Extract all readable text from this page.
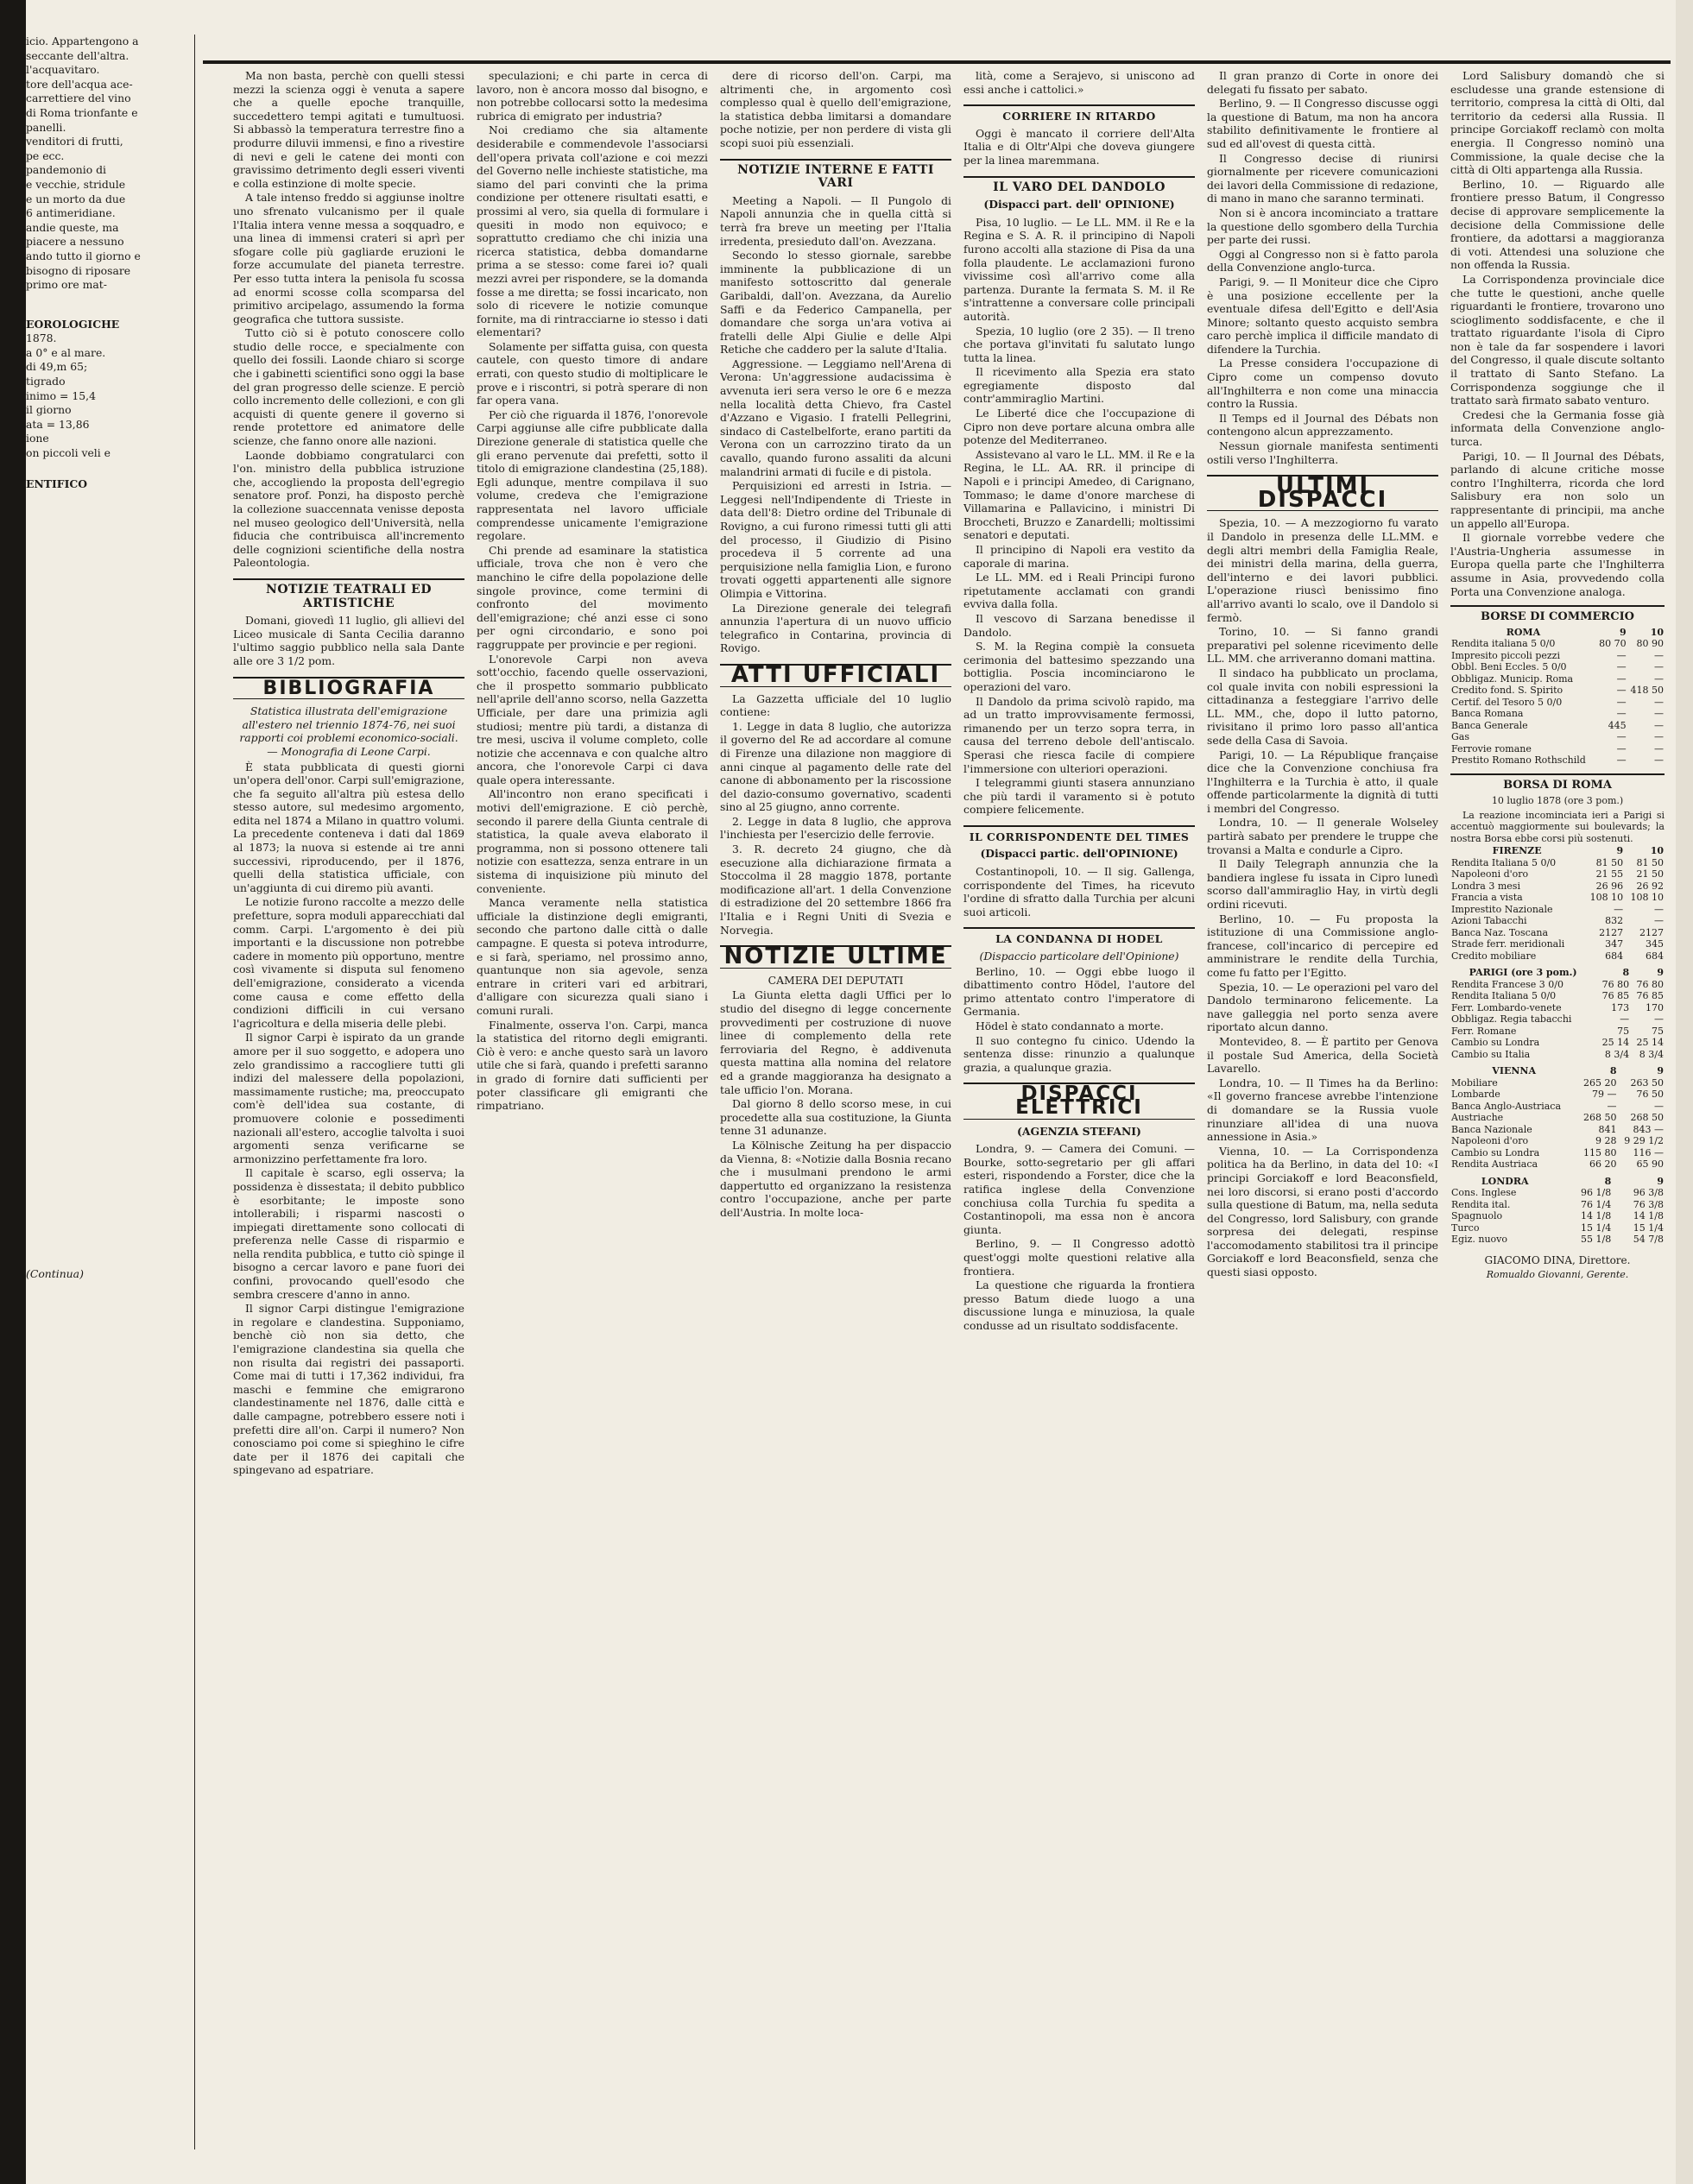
icio. Appartengono a
seccante dell'altra.
l'acquavitaro.
tore dell'acqua ace-
carrettiere del vino
di Roma trionfante e
panelli.
venditori di frutti,
pe ecc.
pandemonio di
e vecchie, stridule
e un morto da due
6 antimeridiane.
andie queste, ma
piacere a nessuno
ando tutto il giorno e
bisogno di riposare
primo ore mat-
EOROLOGICHE
1878.
a 0° e al mare.
di 49,m 65;
tigrado
inimo = 15,4
il giorno
ata = 13,86
ione
on piccoli veli e
ENTIFICO
(Continua)
Ma non basta, perchè con quelli stessi mezzi la scienza oggi è venuta a sapere che a quelle epoche tranquille, succedettero tempi agitati e tumultuosi. Si abbassò la temperatura terrestre fino a produrre diluvii immensi, e fino a rivestire di nevi e geli le catene dei monti con gravissimo detrimento degli esseri viventi e colla estinzione di molte specie.
A tale intenso freddo si aggiunse inoltre uno sfrenato vulcanismo per il quale l'Italia intera venne messa a soqquadro, e una linea di immensi crateri si aprì per sfogare colle più gagliarde eruzioni le forze accumulate del pianeta terrestre. Per esso tutta intera la penisola fu scossa ad enormi scosse colla scomparsa del primitivo arcipelago, assumendo la forma geografica che tuttora sussiste.
Tutto ciò si è potuto conoscere collo studio delle rocce, e specialmente con quello dei fossili. Laonde chiaro si scorge che i gabinetti scientifici sono oggi la base del gran progresso delle scienze. E perciò collo incremento delle collezioni, e con gli acquisti di quente genere il governo si rende protettore ed animatore delle scienze, che fanno onore alle nazioni.
Laonde dobbiamo congratularci con l'on. ministro della pubblica istruzione che, accogliendo la proposta dell'egregio senatore prof. Ponzi, ha disposto perchè la collezione suaccennata venisse deposta nel museo geologico dell'Università, nella fiducia che contribuisca all'incremento delle cognizioni scientifiche della nostra Paleontologia.
NOTIZIE TEATRALI ED ARTISTICHE
Domani, giovedì 11 luglio, gli allievi del Liceo musicale di Santa Cecilia daranno l'ultimo saggio pubblico nella sala Dante alle ore 3 1/2 pom.
BIBLIOGRAFIA
Statistica illustrata dell'emigrazione all'estero nel triennio 1874-76, nei suoi rapporti coi problemi economico-sociali. — Monografia di Leone Carpi.
È stata pubblicata di questi giorni un'opera dell'onor. Carpi sull'emigrazione, che fa seguito all'altra più estesa dello stesso autore, sul medesimo argomento, edita nel 1874 a Milano in quattro volumi. La precedente conteneva i dati dal 1869 al 1873; la nuova si estende ai tre anni successivi, riproducendo, per il 1876, quelli della statistica ufficiale, con un'aggiunta di cui diremo più avanti.
Le notizie furono raccolte a mezzo delle prefetture, sopra moduli apparecchiati dal comm. Carpi. L'argomento è dei più importanti e la discussione non potrebbe cadere in momento più opportuno, mentre così vivamente si disputa sul fenomeno dell'emigrazione, considerato a vicenda come causa e come effetto della condizioni difficili in cui versano l'agricoltura e della miseria delle plebi.
Il signor Carpi è ispirato da un grande amore per il suo soggetto, e adopera uno zelo grandissimo a raccogliere tutti gli indizi del malessere della popolazioni, massimamente rustiche; ma, preoccupato com'è dell'idea sua costante, di promuovere colonie e possedimenti nazionali all'estero, accoglie talvolta i suoi argomenti senza verificarne se armonizzino perfettamente fra loro.
Il capitale è scarso, egli osserva; la possidenza è dissestata; il debito pubblico è esorbitante; le imposte sono intollerabili; i risparmi nascosti o impiegati direttamente sono collocati di preferenza nelle Casse di risparmio e nella rendita pubblica, e tutto ciò spinge il bisogno a cercar lavoro e pane fuori dei confini, provocando quell'esodo che sembra crescere d'anno in anno.
Il signor Carpi distingue l'emigrazione in regolare e clandestina. Supponiamo, benchè ciò non sia detto, che l'emigrazione clandestina sia quella che non risulta dai registri dei passaporti. Come mai di tutti i 17,362 individui, fra maschi e femmine che emigrarono clandestinamente nel 1876, dalle città e dalle campagne, potrebbero essere noti i prefetti dire all'on. Carpi il numero? Non conosciamo poi come si spieghino le cifre date per il 1876 dei capitali che spingevano ad espatriare.
speculazioni; e chi parte in cerca di lavoro, non è ancora mosso dal bisogno, e non potrebbe collocarsi sotto la medesima rubrica di emigrato per industria?
Noi crediamo che sia altamente desiderabile e commendevole l'associarsi dell'opera privata coll'azione e coi mezzi del Governo nelle inchieste statistiche, ma siamo del pari convinti che la prima condizione per ottenere risultati esatti, e prossimi al vero, sia quella di formulare i quesiti in modo non equivoco; e soprattutto crediamo che chi inizia una ricerca statistica, debba domandarne prima a se stesso: come farei io? quali mezzi avrei per rispondere, se la domanda fosse a me diretta; se fossi incaricato, non solo di ricevere le notizie comunque fornite, ma di rintracciarne io stesso i dati elementari?
Solamente per siffatta guisa, con questa cautele, con questo timore di andare errati, con questo studio di moltiplicare le prove e i riscontri, si potrà sperare di non far opera vana.
Per ciò che riguarda il 1876, l'onorevole Carpi aggiunse alle cifre pubblicate dalla Direzione generale di statistica quelle che gli erano pervenute dai prefetti, sotto il titolo di emigrazione clandestina (25,188). Egli adunque, mentre compilava il suo volume, credeva che l'emigrazione rappresentata nel lavoro ufficiale comprendesse unicamente l'emigrazione regolare.
Chi prende ad esaminare la statistica ufficiale, trova che non è vero che manchino le cifre della popolazione delle singole province, come termini di confronto del movimento dell'emigrazione; ché anzi esse ci sono per ogni circondario, e sono poi raggruppate per provincie e per regioni.
L'onorevole Carpi non aveva sott'occhio, facendo quelle osservazioni, che il prospetto sommario pubblicato nell'aprile dell'anno scorso, nella Gazzetta Ufficiale, per dare una primizia agli studiosi; mentre più tardi, a distanza di tre mesi, usciva il volume completo, colle notizie che accennava e con qualche altro ancora, che l'onorevole Carpi ci dava quale opera interessante.
All'incontro non erano specificati i motivi dell'emigrazione. E ciò perchè, secondo il parere della Giunta centrale di statistica, la quale aveva elaborato il programma, non si possono ottenere tali notizie con esattezza, senza entrare in un sistema di inquisizione più minuto del conveniente.
Manca veramente nella statistica ufficiale la distinzione degli emigranti, secondo che partono dalle città o dalle campagne. E questa si poteva introdurre, e si farà, speriamo, nel prossimo anno, quantunque non sia agevole, senza entrare in criteri vari ed arbitrari, d'alligare con sicurezza quali siano i comuni rurali.
Finalmente, osserva l'on. Carpi, manca la statistica del ritorno degli emigranti. Ciò è vero: e anche questo sarà un lavoro utile che si farà, quando i prefetti saranno in grado di fornire dati sufficienti per poter classificare gli emigranti che rimpatriano.
dere di ricorso dell'on. Carpi, ma altrimenti che, in argomento così complesso qual è quello dell'emigrazione, la statistica debba limitarsi a domandare poche notizie, per non perdere di vista gli scopi suoi più essenziali.
NOTIZIE INTERNE E FATTI VARI
Meeting a Napoli. — Il Pungolo di Napoli annunzia che in quella città si terrà fra breve un meeting per l'Italia irredenta, presieduto dall'on. Avezzana.
Secondo lo stesso giornale, sarebbe imminente la pubblicazione di un manifesto sottoscritto dal generale Garibaldi, dall'on. Avezzana, da Aurelio Saffi e da Federico Campanella, per domandare che sorga un'ara votiva ai fratelli delle Alpi Giulie e delle Alpi Retiche che caddero per la salute d'Italia.
Aggressione. — Leggiamo nell'Arena di Verona: Un'aggressione audacissima è avvenuta ieri sera verso le ore 6 e mezza nella località detta Chievo, fra Castel d'Azzano e Vigasio. I fratelli Pellegrini, sindaco di Castelbelforte, erano partiti da Verona con un carrozzino tirato da un cavallo, quando furono assaliti da alcuni malandrini armati di fucile e di pistola.
Perquisizioni ed arresti in Istria. — Leggesi nell'Indipendente di Trieste in data dell'8: Dietro ordine del Tribunale di Rovigno, a cui furono rimessi tutti gli atti del processo, il Giudizio di Pisino procedeva il 5 corrente ad una perquisizione nella famiglia Lion, e furono trovati oggetti appartenenti alle signore Olimpia e Vittorina.
La Direzione generale dei telegrafi annunzia l'apertura di un nuovo ufficio telegrafico in Contarina, provincia di Rovigo.
ATTI UFFICIALI
La Gazzetta ufficiale del 10 luglio contiene:
1. Legge in data 8 luglio, che autorizza il governo del Re ad accordare al comune di Firenze una dilazione non maggiore di anni cinque al pagamento delle rate del canone di abbonamento per la riscossione del dazio-consumo governativo, scadenti sino al 25 giugno, anno corrente.
2. Legge in data 8 luglio, che approva l'inchiesta per l'esercizio delle ferrovie.
3. R. decreto 24 giugno, che dà esecuzione alla dichiarazione firmata a Stoccolma il 28 maggio 1878, portante modificazione all'art. 1 della Convenzione di estradizione del 20 settembre 1866 fra l'Italia e i Regni Uniti di Svezia e Norvegia.
NOTIZIE ULTIME
CAMERA DEI DEPUTATI
La Giunta eletta dagli Uffici per lo studio del disegno di legge concernente provvedimenti per costruzione di nuove linee di complemento della rete ferroviaria del Regno, è addivenuta questa mattina alla nomina del relatore ed a grande maggioranza ha designato a tale ufficio l'on. Morana.
Dal giorno 8 dello scorso mese, in cui procedette alla sua costituzione, la Giunta tenne 31 adunanze.
La Kölnische Zeitung ha per dispaccio da Vienna, 8: «Notizie dalla Bosnia recano che i musulmani prendono le armi dappertutto ed organizzano la resistenza contro l'occupazione, anche per parte dell'Austria. In molte loca-
lità, come a Serajevo, si uniscono ad essi anche i cattolici.»
CORRIERE IN RITARDO
Oggi è mancato il corriere dell'Alta Italia e di Oltr'Alpi che doveva giungere per la linea maremmana.
IL VARO DEL DANDOLO
(Dispacci part. dell' OPINIONE)
Pisa, 10 luglio. — Le LL. MM. il Re e la Regina e S. A. R. il principino di Napoli furono accolti alla stazione di Pisa da una folla plaudente. Le acclamazioni furono vivissime così all'arrivo come alla partenza. Durante la fermata S. M. il Re s'intrattenne a conversare colle principali autorità.
Spezia, 10 luglio (ore 2 35). — Il treno che portava gl'invitati fu salutato lungo tutta la linea.
Il ricevimento alla Spezia era stato egregiamente disposto dal contr'ammiraglio Martini.
Le Liberté dice che l'occupazione di Cipro non deve portare alcuna ombra alle potenze del Mediterraneo.
Assistevano al varo le LL. MM. il Re e la Regina, le LL. AA. RR. il principe di Napoli e i principi Amedeo, di Carignano, Tommaso; le dame d'onore marchese di Villamarina e Pallavicino, i ministri Di Broccheti, Bruzzo e Zanardelli; moltissimi senatori e deputati.
Il principino di Napoli era vestito da caporale di marina.
Le LL. MM. ed i Reali Principi furono ripetutamente acclamati con grandi evviva dalla folla.
Il vescovo di Sarzana benedisse il Dandolo.
S. M. la Regina compiè la consueta cerimonia del battesimo spezzando una bottiglia. Poscia incominciarono le operazioni del varo.
Il Dandolo da prima scivolò rapido, ma ad un tratto improvvisamente fermossi, rimanendo per un terzo sopra terra, in causa del terreno debole dell'antiscalo. Sperasi che riesca facile di compiere l'immersione con ulteriori operazioni.
I telegrammi giunti stasera annunziano che più tardi il varamento si è potuto compiere felicemente.
IL CORRISPONDENTE DEL TIMES
(Dispacci partic. dell'OPINIONE)
Costantinopoli, 10. — Il sig. Gallenga, corrispondente del Times, ha ricevuto l'ordine di sfratto dalla Turchia per alcuni suoi articoli.
LA CONDANNA DI HODEL
(Dispaccio particolare dell'Opinione)
Berlino, 10. — Oggi ebbe luogo il dibattimento contro Hödel, l'autore del primo attentato contro l'imperatore di Germania.
Hödel è stato condannato a morte.
Il suo contegno fu cinico. Udendo la sentenza disse: rinunzio a qualunque grazia, a qualunque grazia.
DISPACCI ELETTRICI
(AGENZIA STEFANI)
Londra, 9. — Camera dei Comuni. — Bourke, sotto-segretario per gli affari esteri, rispondendo a Forster, dice che la ratifica inglese della Convenzione conchiusa colla Turchia fu spedita a Costantinopoli, ma essa non è ancora giunta.
Berlino, 9. — Il Congresso adottò quest'oggi molte questioni relative alla frontiera.
La questione che riguarda la frontiera presso Batum diede luogo a una discussione lunga e minuziosa, la quale condusse ad un risultato soddisfacente.
Il gran pranzo di Corte in onore dei delegati fu fissato per sabato.
Berlino, 9. — Il Congresso discusse oggi la questione di Batum, ma non ha ancora stabilito definitivamente le frontiere al sud ed all'ovest di questa città.
Il Congresso decise di riunirsi giornalmente per ricevere comunicazioni dei lavori della Commissione di redazione, di mano in mano che saranno terminati.
Non si è ancora incominciato a trattare la questione dello sgombero della Turchia per parte dei russi.
Oggi al Congresso non si è fatto parola della Convenzione anglo-turca.
Parigi, 9. — Il Moniteur dice che Cipro è una posizione eccellente per la eventuale difesa dell'Egitto e dell'Asia Minore; soltanto questo acquisto sembra caro perchè implica il difficile mandato di difendere la Turchia.
La Presse considera l'occupazione di Cipro come un compenso dovuto all'Inghilterra e non come una minaccia contro la Russia.
Il Temps ed il Journal des Débats non contengono alcun apprezzamento.
Nessun giornale manifesta sentimenti ostili verso l'Inghilterra.
ULTIMI DISPACCI
Spezia, 10. — A mezzogiorno fu varato il Dandolo in presenza delle LL.MM. e degli altri membri della Famiglia Reale, dei ministri della marina, della guerra, dell'interno e dei lavori pubblici. L'operazione riuscì benissimo fino all'arrivo avanti lo scalo, ove il Dandolo si fermò.
Torino, 10. — Si fanno grandi preparativi pel solenne ricevimento delle LL. MM. che arriveranno domani mattina.
Il sindaco ha pubblicato un proclama, col quale invita con nobili espressioni la cittadinanza a festeggiare l'arrivo delle LL. MM., che, dopo il lutto patorno, rivisitano il primo loro passo all'antica sede della Casa di Savoia.
Parigi, 10. — La République française dice che la Convenzione conchiusa fra l'Inghilterra e la Turchia è atto, il quale offende particolarmente la dignità di tutti i membri del Congresso.
Londra, 10. — Il generale Wolseley partirà sabato per prendere le truppe che trovansi a Malta e condurle a Cipro.
Il Daily Telegraph annunzia che la bandiera inglese fu issata in Cipro lunedì scorso dall'ammiraglio Hay, in virtù degli ordini ricevuti.
Berlino, 10. — Fu proposta la istituzione di una Commissione anglo-francese, coll'incarico di percepire ed amministrare le rendite della Turchia, come fu fatto per l'Egitto.
Spezia, 10. — Le operazioni pel varo del Dandolo terminarono felicemente. La nave galleggia nel porto senza avere riportato alcun danno.
Montevideo, 8. — È partito per Genova il postale Sud America, della Società Lavarello.
Londra, 10. — Il Times ha da Berlino: «Il governo francese avrebbe l'intenzione di domandare se la Russia vuole rinunziare all'idea di una nuova annessione in Asia.»
Vienna, 10. — La Corrispondenza politica ha da Berlino, in data del 10: «I principi Gorciakoff e lord Beaconsfield, nei loro discorsi, si erano posti d'accordo sulla questione di Batum, ma, nella seduta del Congresso, lord Salisbury, con grande sorpresa dei delegati, respinse l'accomodamento stabilitosi tra il principe Gorciakoff e lord Beaconsfield, senza che questi siasi opposto.
Lord Salisbury domandò che si escludesse una grande estensione di territorio, compresa la città di Olti, dal territorio da cedersi alla Russia. Il principe Gorciakoff reclamò con molta energia. Il Congresso nominò una Commissione, la quale decise che la città di Olti appartenga alla Russia.
Berlino, 10. — Riguardo alle frontiere presso Batum, il Congresso decise di approvare semplicemente la decisione della Commissione delle frontiere, da adottarsi a maggioranza di voti. Attendesi una soluzione che non offenda la Russia.
La Corrispondenza provinciale dice che tutte le questioni, anche quelle riguardanti le frontiere, trovarono uno scioglimento soddisfacente, e che il trattato riguardante l'isola di Cipro non è tale da far sospendere i lavori del Congresso, il quale discute soltanto il trattato di Santo Stefano. La Corrispondenza soggiunge che il trattato sarà firmato sabato venturo.
Credesi che la Germania fosse già informata della Convenzione anglo-turca.
Parigi, 10. — Il Journal des Débats, parlando di alcune critiche mosse contro l'Inghilterra, ricorda che lord Salisbury era non solo un rappresentante di principii, ma anche un appello all'Europa.
Il giornale vorrebbe vedere che l'Austria-Ungheria assumesse in Europa quella parte che l'Inghilterra assume in Asia, provvedendo colla Porta una Convenzione analoga.
BORSE DI COMMERCIO
ROMA	9	10
Rendita italiana 5 0/0	80 70	80 90
Impresito piccoli pezzi	—	—
Obbl. Beni Eccles. 5 0/0	—	—
Obbligaz. Municip. Roma	—	—
Credito fond. S. Spirito	—	418 50
Certif. del Tesoro 5 0/0	—	—
Banca Romana	—	—
Banca Generale	445	—
Gas	—	—
Ferrovie romane	—	—
Prestito Romano Rothschild	—	—
BORSA DI ROMA
10 luglio 1878 (ore 3 pom.)
La reazione incominciata ieri a Parigi si accentuò maggiormente sui boulevards; la nostra Borsa ebbe corsi più sostenuti.
FIRENZE	9	10
Rendita Italiana 5 0/0	81 50	81 50
Napoleoni d'oro	21 55	21 50
Londra 3 mesi	26 96	26 92
Francia a vista	108 10	108 10
Imprestito Nazionale	—	—
Azioni Tabacchi	832	—
Banca Naz. Toscana	2127	2127
Strade ferr. meridionali	347	345
Credito mobiliare	684	684
PARIGI (ore 3 pom.)	8	9
Rendita Francese 3 0/0	76 80	76 80
Rendita Italiana 5 0/0	76 85	76 85
Ferr. Lombardo-venete	173	170
Obbligaz. Regia tabacchi	—	—
Ferr. Romane	75	75
Cambio su Londra	25 14	25 14
Cambio su Italia	8 3/4	8 3/4
VIENNA	8	9
Mobiliare	265 20	263 50
Lombarde	79 —	76 50
Banca Anglo-Austriaca	—	—
Austriache	268 50	268 50
Banca Nazionale	841	843 —
Napoleoni d'oro	9 28	9 29 1/2
Cambio su Londra	115 80	116 —
Rendita Austriaca	66 20	65 90
LONDRA	8	9
Cons. Inglese	96 1/8	96 3/8
Rendita ital.	76 1/4	76 3/8
Spagnuolo	14 1/8	14 1/8
Turco	15 1/4	15 1/4
Egiz. nuovo	55 1/8	54 7/8
GIACOMO DINA, Direttore.
Romualdo Giovanni, Gerente.
